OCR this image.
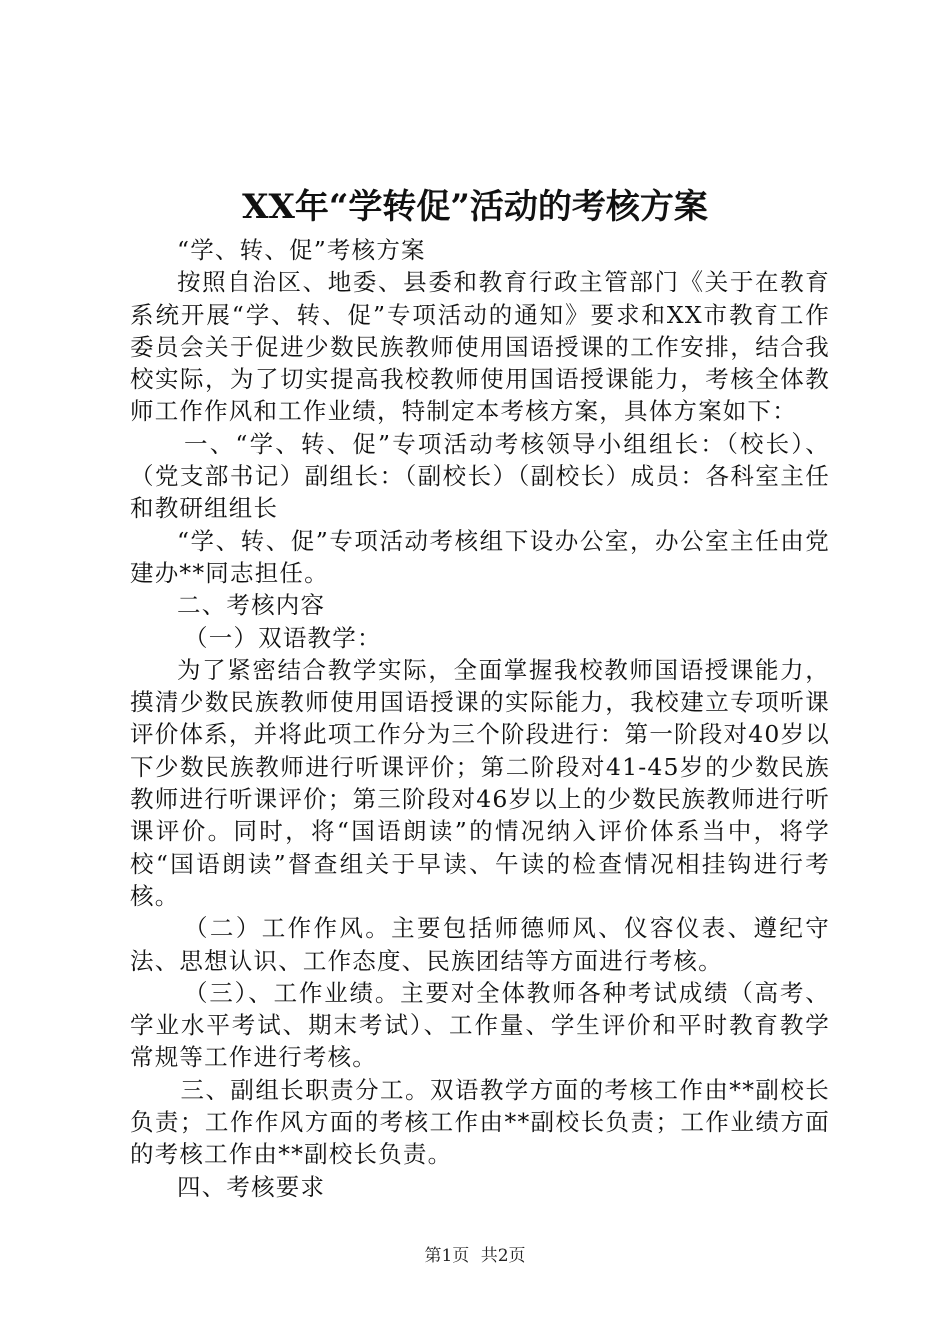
XX年“学转促”活动的考核方案

“学、转、促”考核方案

按照自治区、地委、县委和教育行政主管部门《关于在教育系统开展“学、转、促”专项活动的通知》要求和XX市教育工作委员会关于促进少数民族教师使用国语授课的工作安排，结合我校实际，为了切实提高我校教师使用国语授课能力，考核全体教师工作作风和工作业绩，特制定本考核方案，具体方案如下：

一、“学、转、促”专项活动考核领导小组组长：（校长）、（党支部书记）副组长：（副校长）（副校长）成员：各科室主任和教研组组长

“学、转、促”专项活动考核组下设办公室，办公室主任由党建办**同志担任。

二、考核内容

（一）双语教学：

为了紧密结合教学实际，全面掌握我校教师国语授课能力，摸清少数民族教师使用国语授课的实际能力，我校建立专项听课评价体系，并将此项工作分为三个阶段进行：第一阶段对40岁以下少数民族教师进行听课评价；第二阶段对41-45岁的少数民族教师进行听课评价；第三阶段对46岁以上的少数民族教师进行听课评价。同时，将“国语朗读”的情况纳入评价体系当中，将学校“国语朗读”督查组关于早读、午读的检查情况相挂钩进行考核。

（二）工作作风。主要包括师德师风、仪容仪表、遵纪守法、思想认识、工作态度、民族团结等方面进行考核。

（三）、工作业绩。主要对全体教师各种考试成绩（高考、学业水平考试、期末考试）、工作量、学生评价和平时教育教学常规等工作进行考核。

三、副组长职责分工。双语教学方面的考核工作由**副校长负责；工作作风方面的考核工作由**副校长负责；工作业绩方面的考核工作由**副校长负责。

四、考核要求

第1页 共2页
